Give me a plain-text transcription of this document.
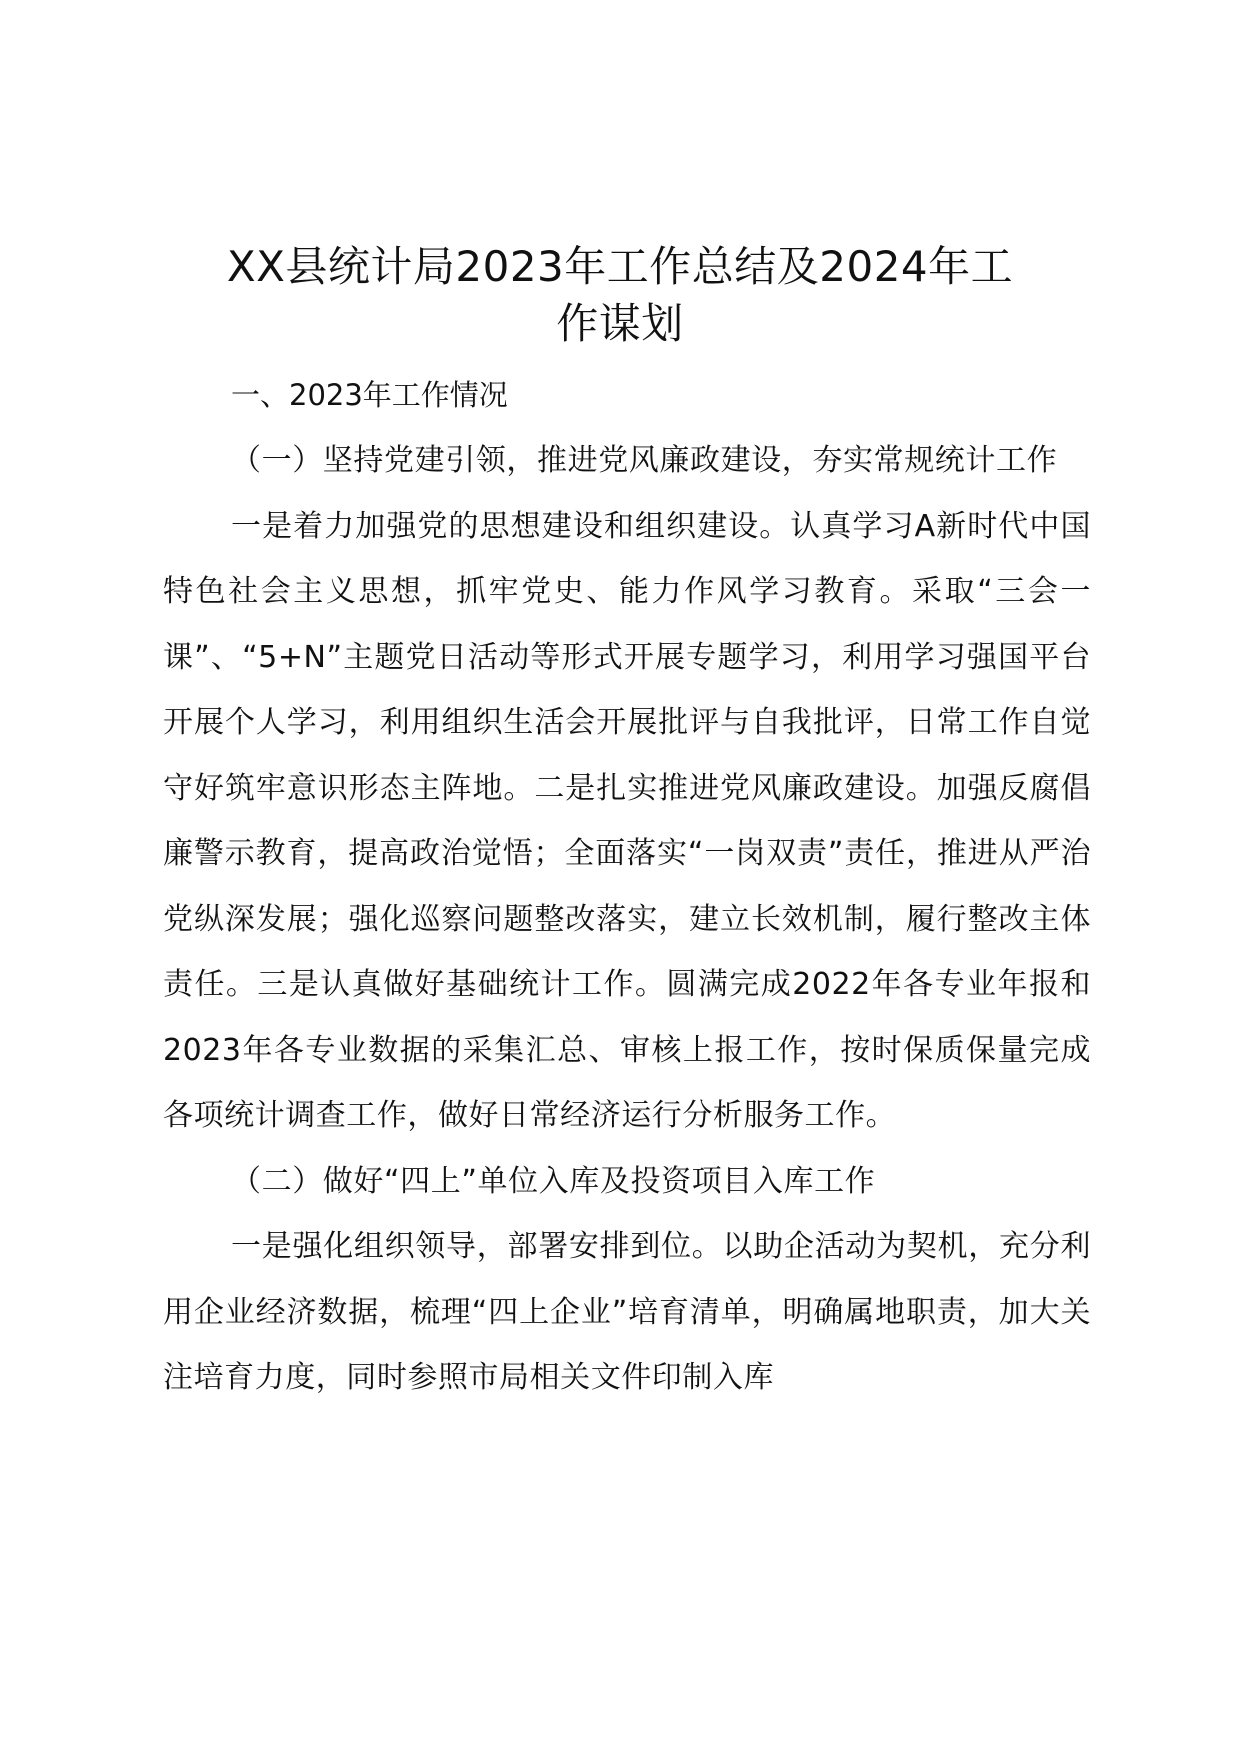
XX县统计局2023年工作总结及2024年工
作谋划

一、2023年工作情况

（一）坚持党建引领，推进党风廉政建设，夯实常规统计工作

一是着力加强党的思想建设和组织建设。认真学习A新时代中国特色社会主义思想，抓牢党史、能力作风学习教育。采取“三会一课”、“5+N”主题党日活动等形式开展专题学习，利用学习强国平台开展个人学习，利用组织生活会开展批评与自我批评，日常工作自觉守好筑牢意识形态主阵地。二是扎实推进党风廉政建设。加强反腐倡廉警示教育，提高政治觉悟；全面落实“一岗双责”责任，推进从严治党纵深发展；强化巡察问题整改落实，建立长效机制，履行整改主体责任。三是认真做好基础统计工作。圆满完成2022年各专业年报和2023年各专业数据的采集汇总、审核上报工作，按时保质保量完成各项统计调查工作，做好日常经济运行分析服务工作。

（二）做好“四上”单位入库及投资项目入库工作

一是强化组织领导，部署安排到位。以助企活动为契机，充分利用企业经济数据，梳理“四上企业”培育清单，明确属地职责，加大关注培育力度，同时参照市局相关文件印制入库
